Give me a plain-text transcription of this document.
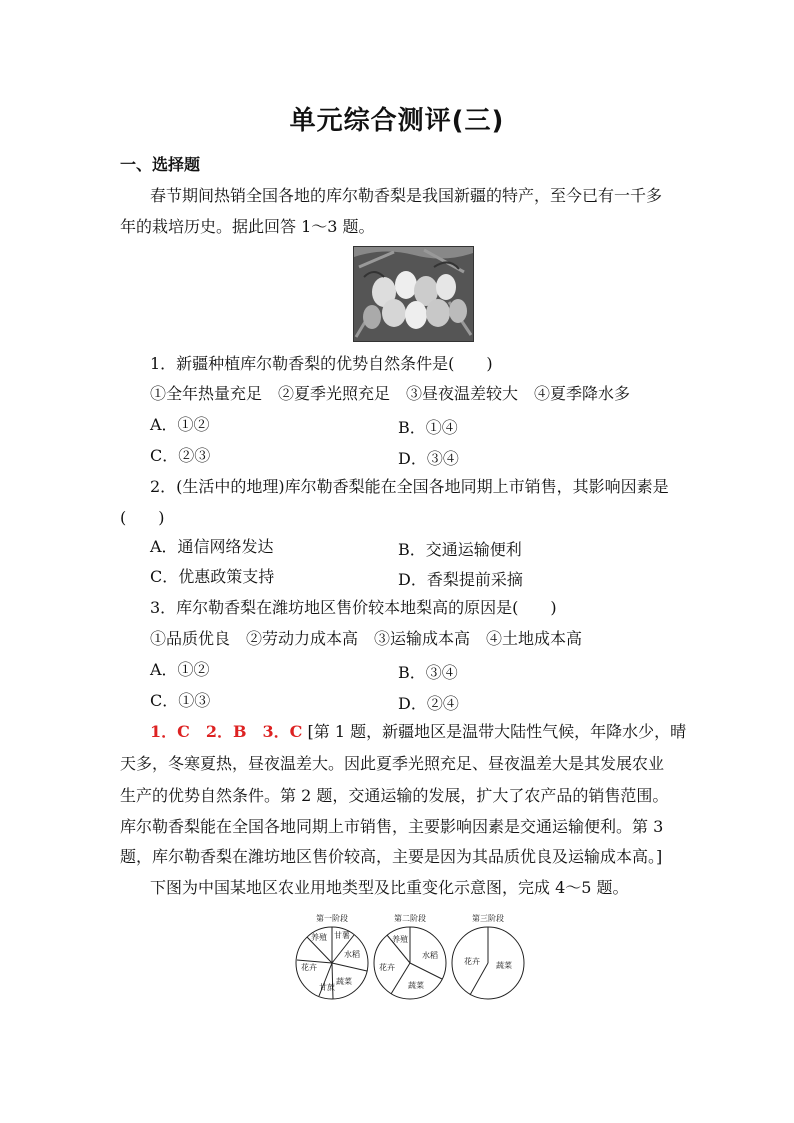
单元综合测评(三)
一、选择题
春节期间热销全国各地的库尔勒香梨是我国新疆的特产，至今已有一千多
年的栽培历史。据此回答 1～3 题。
1．新疆种植库尔勒香梨的优势自然条件是(　　)
①全年热量充足　②夏季光照充足　③昼夜温差较大　④夏季降水多
A．①②	B．①④
C．②③	D．③④
2．(生活中的地理)库尔勒香梨能在全国各地同期上市销售，其影响因素是
(　　)
A．通信网络发达	B．交通运输便利
C．优惠政策支持	D．香梨提前采摘
3．库尔勒香梨在潍坊地区售价较本地梨高的原因是(　　)
①品质优良　②劳动力成本高　③运输成本高　④土地成本高
A．①②	B．③④
C．①③	D．②④
1．C　2．B　3．C [第 1 题，新疆地区是温带大陆性气候，年降水少，晴
天多，冬寒夏热，昼夜温差大。因此夏季光照充足、昼夜温差大是其发展农业
生产的优势自然条件。第 2 题，交通运输的发展，扩大了农产品的销售范围。
库尔勒香梨能在全国各地同期上市销售，主要影响因素是交通运输便利。第 3
题，库尔勒香梨在潍坊地区售价较高，主要是因为其品质优良及运输成本高。]
下图为中国某地区农业用地类型及比重变化示意图，完成 4～5 题。
第一阶段
养殖 甘薯
水稻
蔬菜
甘蔗
花卉
第二阶段
养殖
水稻
蔬菜
花卉
第三阶段
花卉 蔬菜
